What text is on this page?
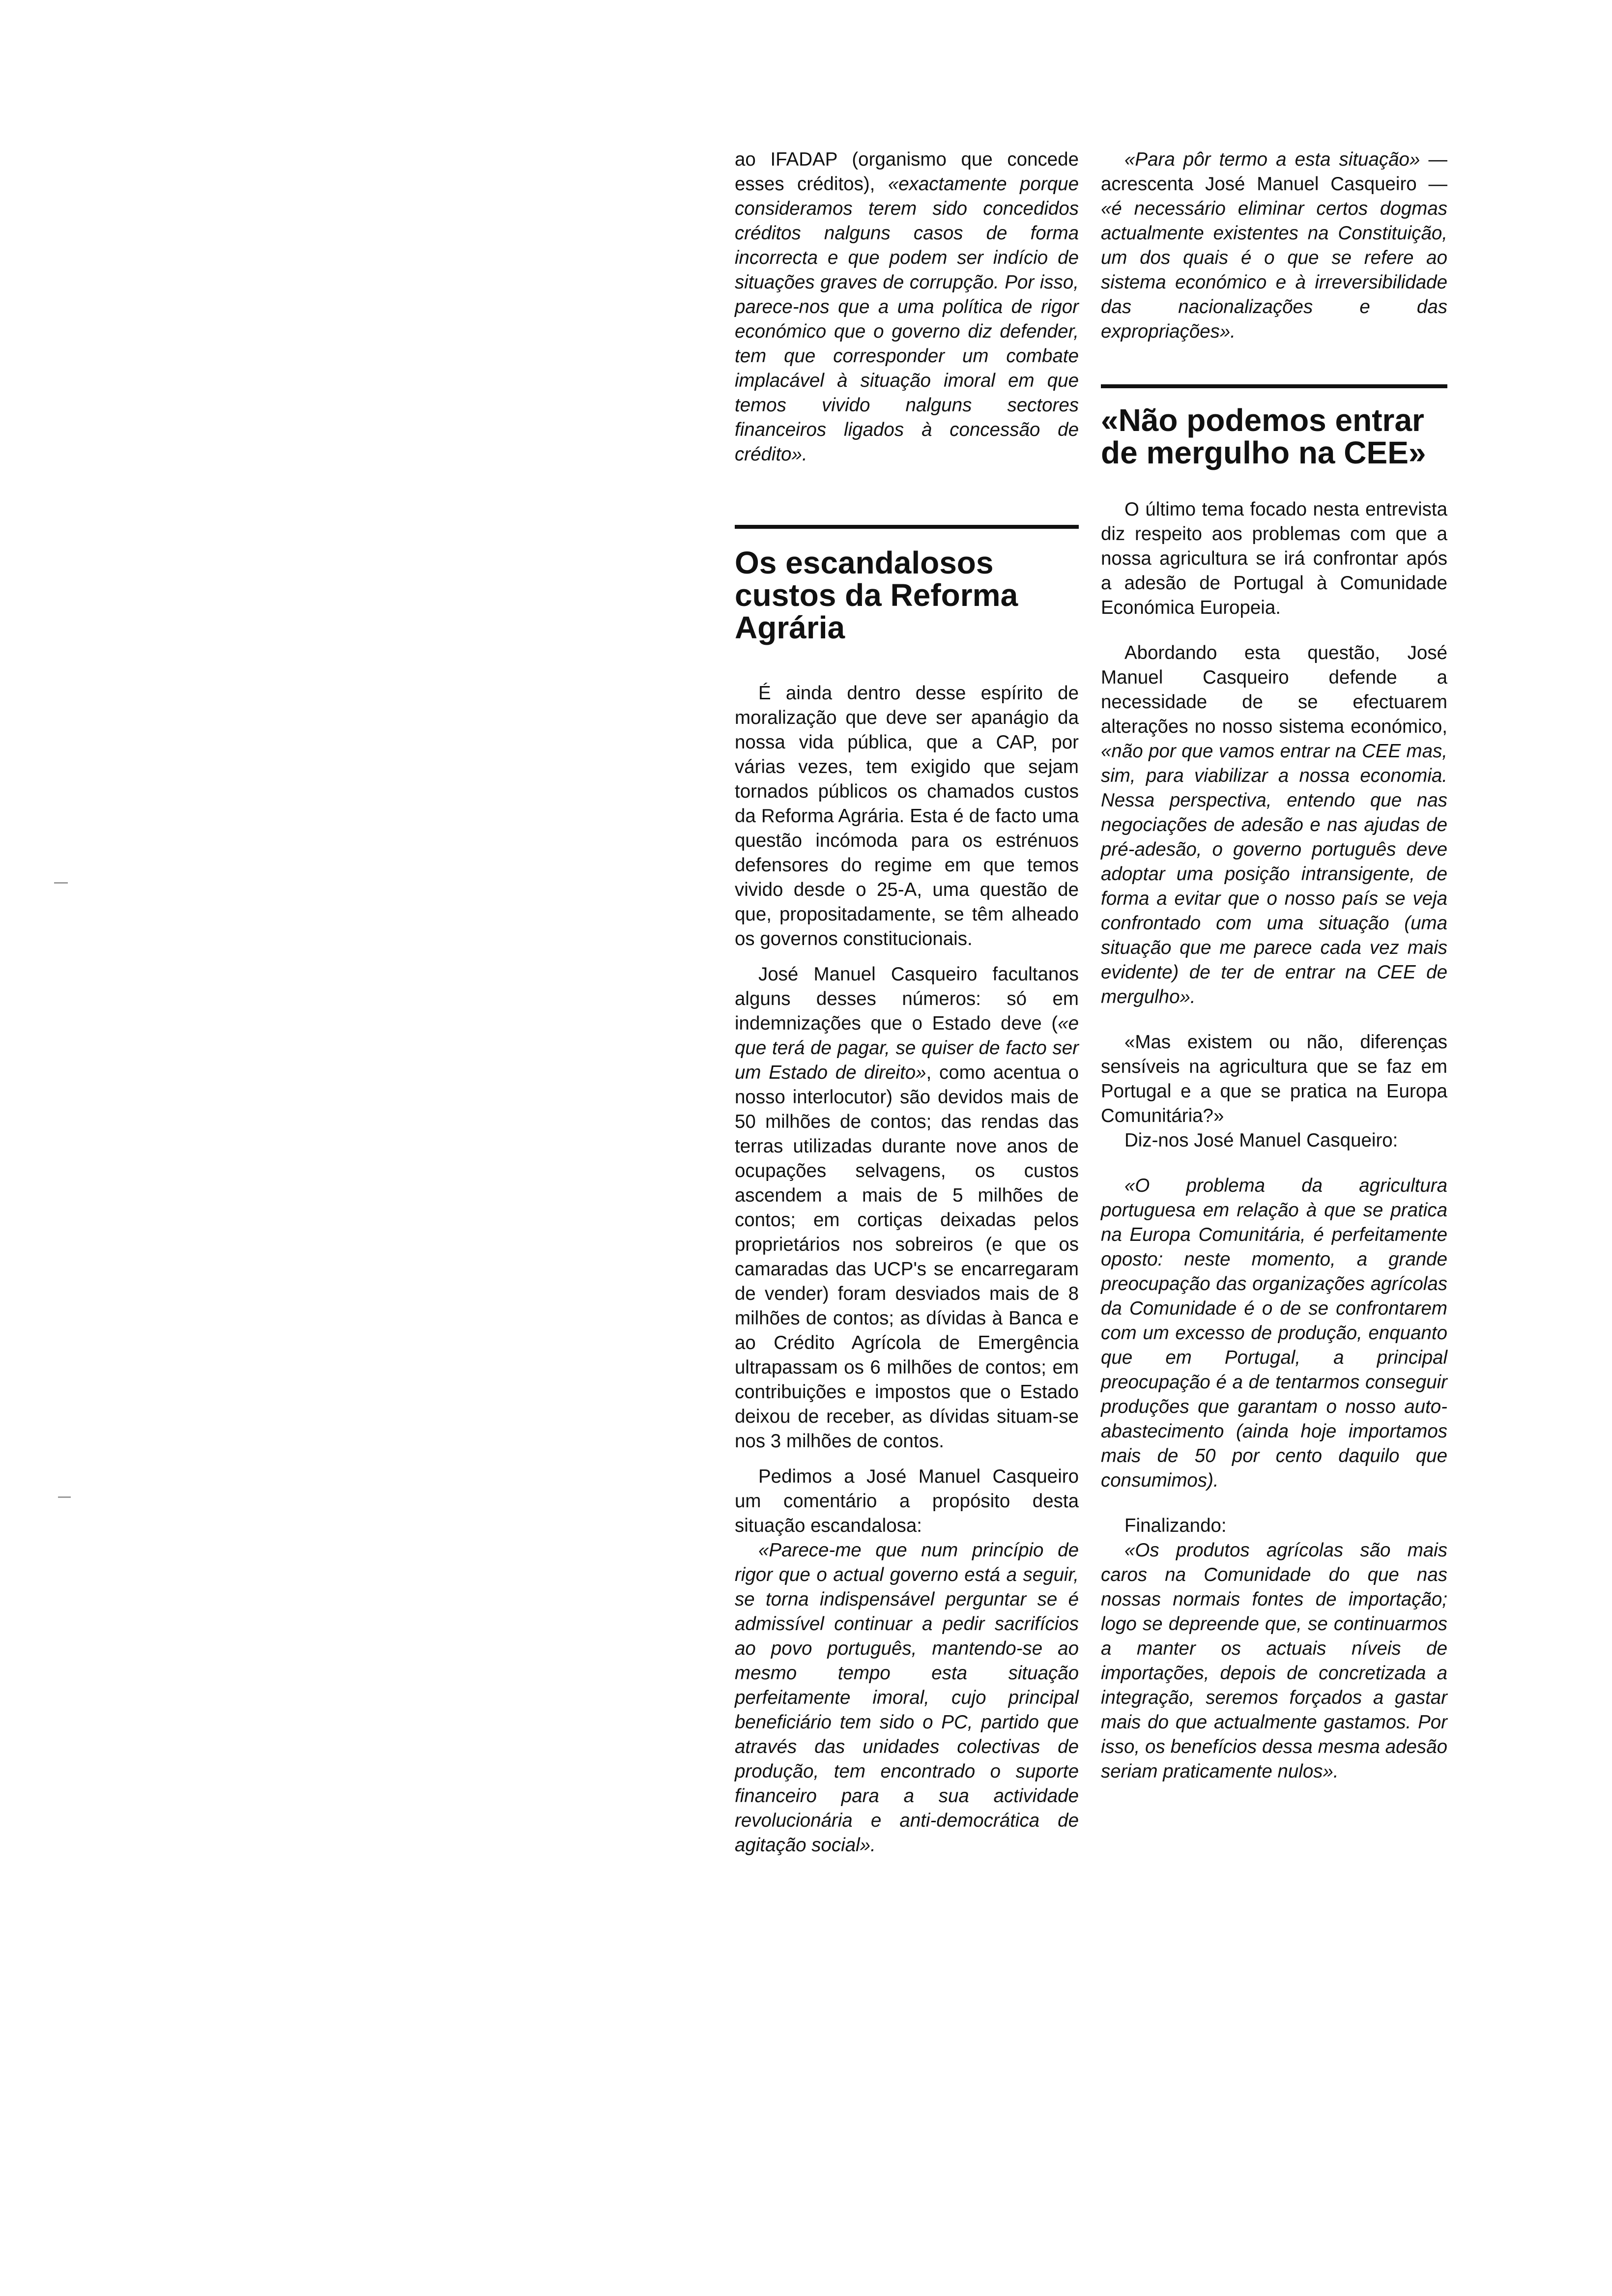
ao IFADAP (organismo que concede esses créditos), «exactamente porque consideramos terem sido concedidos créditos nalguns casos de forma incorrecta e que podem ser indício de situações graves de corrupção. Por isso, parece-nos que a uma política de rigor económico que o governo diz defender, tem que corresponder um combate implacável à situação imoral em que temos vivido nalguns sectores financeiros ligados à concessão de crédito».

Os escandalosos custos da Reforma Agrária

É ainda dentro desse espírito de moralização que deve ser apanágio da nossa vida pública, que a CAP, por várias vezes, tem exigido que sejam tornados públicos os chamados custos da Reforma Agrária. Esta é de facto uma questão incómoda para os estrénuos defensores do regime em que temos vivido desde o 25-A, uma questão de que, propositadamente, se têm alheado os governos constitucionais.

José Manuel Casqueiro facultanos alguns desses números: só em indemnizações que o Estado deve («e que terá de pagar, se quiser de facto ser um Estado de direito», como acentua o nosso interlocutor) são devidos mais de 50 milhões de contos; das rendas das terras utilizadas durante nove anos de ocupações selvagens, os custos ascendem a mais de 5 milhões de contos; em cortiças deixadas pelos proprietários nos sobreiros (e que os camaradas das UCP's se encarregaram de vender) foram desviados mais de 8 milhões de contos; as dívidas à Banca e ao Crédito Agrícola de Emergência ultrapassam os 6 milhões de contos; em contribuições e impostos que o Estado deixou de receber, as dívidas situam-se nos 3 milhões de contos.

Pedimos a José Manuel Casqueiro um comentário a propósito desta situação escandalosa:

«Parece-me que num princípio de rigor que o actual governo está a seguir, se torna indispensável perguntar se é admissível continuar a pedir sacrifícios ao povo português, mantendo-se ao mesmo tempo esta situação perfeitamente imoral, cujo principal beneficiário tem sido o PC, partido que através das unidades colectivas de produção, tem encontrado o suporte financeiro para a sua actividade revolucionária e anti-democrática de agitação social».

«Para pôr termo a esta situação» — acrescenta José Manuel Casqueiro — «é necessário eliminar certos dogmas actualmente existentes na Constituição, um dos quais é o que se refere ao sistema económico e à irreversibilidade das nacionalizações e das expropriações».

«Não podemos entrar de mergulho na CEE»

O último tema focado nesta entrevista diz respeito aos problemas com que a nossa agricultura se irá confrontar após a adesão de Portugal à Comunidade Económica Europeia.

Abordando esta questão, José Manuel Casqueiro defende a necessidade de se efectuarem alterações no nosso sistema económico, «não por que vamos entrar na CEE mas, sim, para viabilizar a nossa economia. Nessa perspectiva, entendo que nas negociações de adesão e nas ajudas de pré-adesão, o governo português deve adoptar uma posição intransigente, de forma a evitar que o nosso país se veja confrontado com uma situação (uma situação que me parece cada vez mais evidente) de ter de entrar na CEE de mergulho».

«Mas existem ou não, diferenças sensíveis na agricultura que se faz em Portugal e a que se pratica na Europa Comunitária?»

Diz-nos José Manuel Casqueiro:

«O problema da agricultura portuguesa em relação à que se pratica na Europa Comunitária, é perfeitamente oposto: neste momento, a grande preocupação das organizações agrícolas da Comunidade é o de se confrontarem com um excesso de produção, enquanto que em Portugal, a principal preocupação é a de tentarmos conseguir produções que garantam o nosso auto-abastecimento (ainda hoje importamos mais de 50 por cento daquilo que consumimos).

Finalizando:

«Os produtos agrícolas são mais caros na Comunidade do que nas nossas normais fontes de importação; logo se depreende que, se continuarmos a manter os actuais níveis de importações, depois de concretizada a integração, seremos forçados a gastar mais do que actualmente gastamos. Por isso, os benefícios dessa mesma adesão seriam praticamente nulos».
